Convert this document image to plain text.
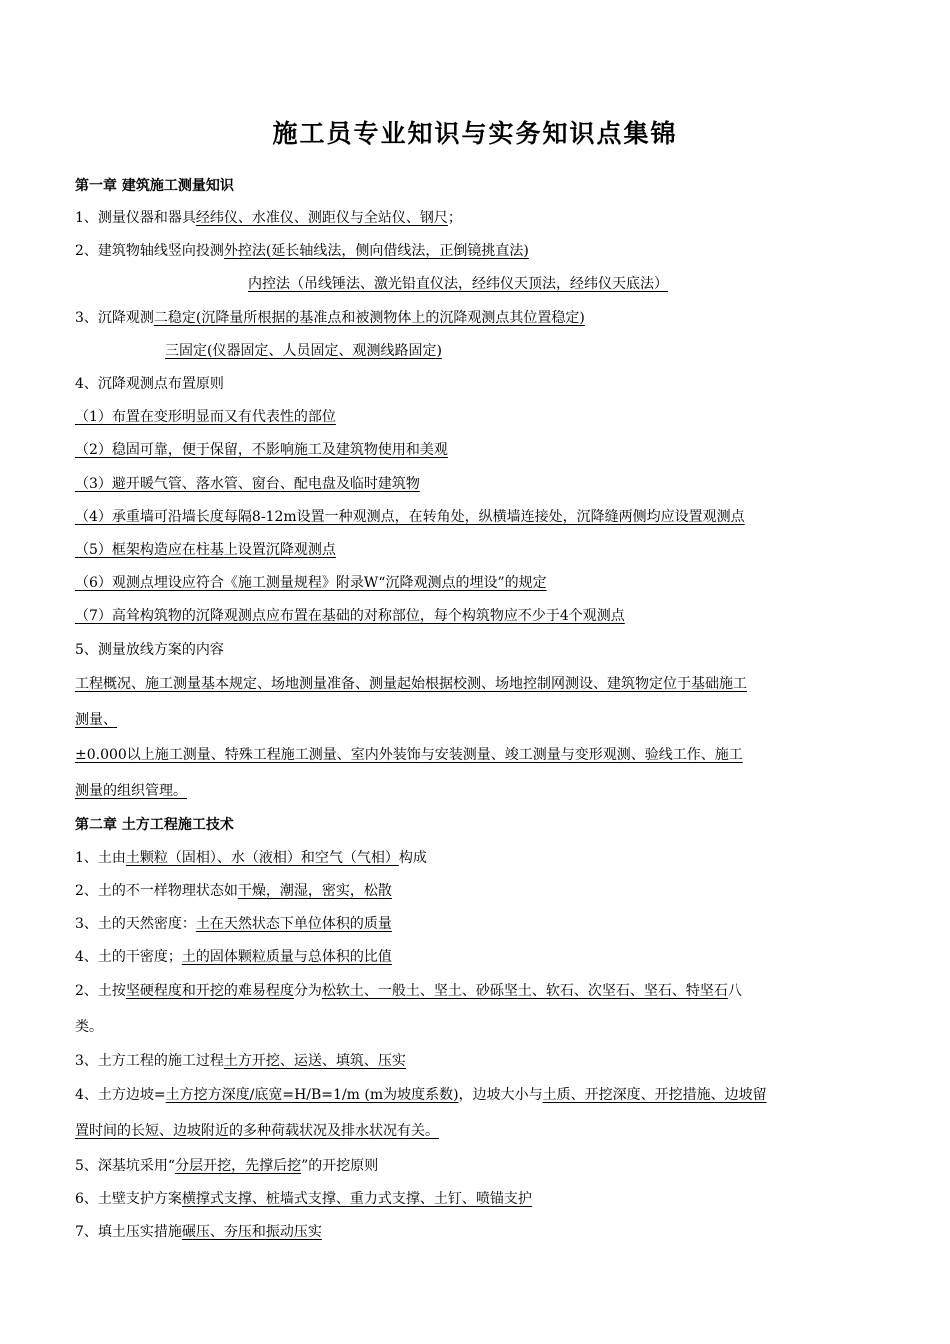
施工员专业知识与实务知识点集锦
第一章 建筑施工测量知识
1、测量仪器和器具经纬仪、水准仪、测距仪与全站仪、钢尺；
2、建筑物轴线竖向投测外控法(延长轴线法，侧向借线法，正倒镜挑直法)
内控法（吊线锤法、激光铅直仪法，经纬仪天顶法，经纬仪天底法）
3、沉降观测二稳定(沉降量所根据的基准点和被测物体上的沉降观测点其位置稳定)
三固定(仪器固定、人员固定、观测线路固定)
4、沉降观测点布置原则
（1）布置在变形明显而又有代表性的部位
（2）稳固可靠，便于保留，不影响施工及建筑物使用和美观
（3）避开暖气管、落水管、窗台、配电盘及临时建筑物
（4）承重墙可沿墙长度每隔8-12m设置一种观测点，在转角处，纵横墙连接处，沉降缝两侧均应设置观测点
（5）框架构造应在柱基上设置沉降观测点
（6）观测点埋设应符合《施工测量规程》附录W“沉降观测点的埋设”的规定
（7）高耸构筑物的沉降观测点应布置在基础的对称部位，每个构筑物应不少于4个观测点
5、测量放线方案的内容
工程概况、施工测量基本规定、场地测量准备、测量起始根据校测、场地控制网测设、建筑物定位于基础施工
测量、
±0.000以上施工测量、特殊工程施工测量、室内外装饰与安装测量、竣工测量与变形观测、验线工作、施工
测量的组织管理。
第二章 土方工程施工技术
1、土由土颗粒（固相）、水（液相）和空气（气相）构成
2、土的不一样物理状态如干燥，潮湿，密实，松散
3、土的天然密度：土在天然状态下单位体积的质量
4、土的干密度；土的固体颗粒质量与总体积的比值
2、土按坚硬程度和开挖的难易程度分为松软土、一般土、坚土、砂砾坚土、软石、次坚石、坚石、特坚石八
类。
3、土方工程的施工过程土方开挖、运送、填筑、压实
4、土方边坡=土方挖方深度/底宽=H/B=1/m (m为坡度系数)，边坡大小与土质、开挖深度、开挖措施、边坡留
置时间的长短、边坡附近的多种荷载状况及排水状况有关。
5、深基坑采用“分层开挖，先撑后挖”的开挖原则
6、土壁支护方案横撑式支撑、桩墙式支撑、重力式支撑、土钉、喷锚支护
7、填土压实措施碾压、夯压和振动压实
